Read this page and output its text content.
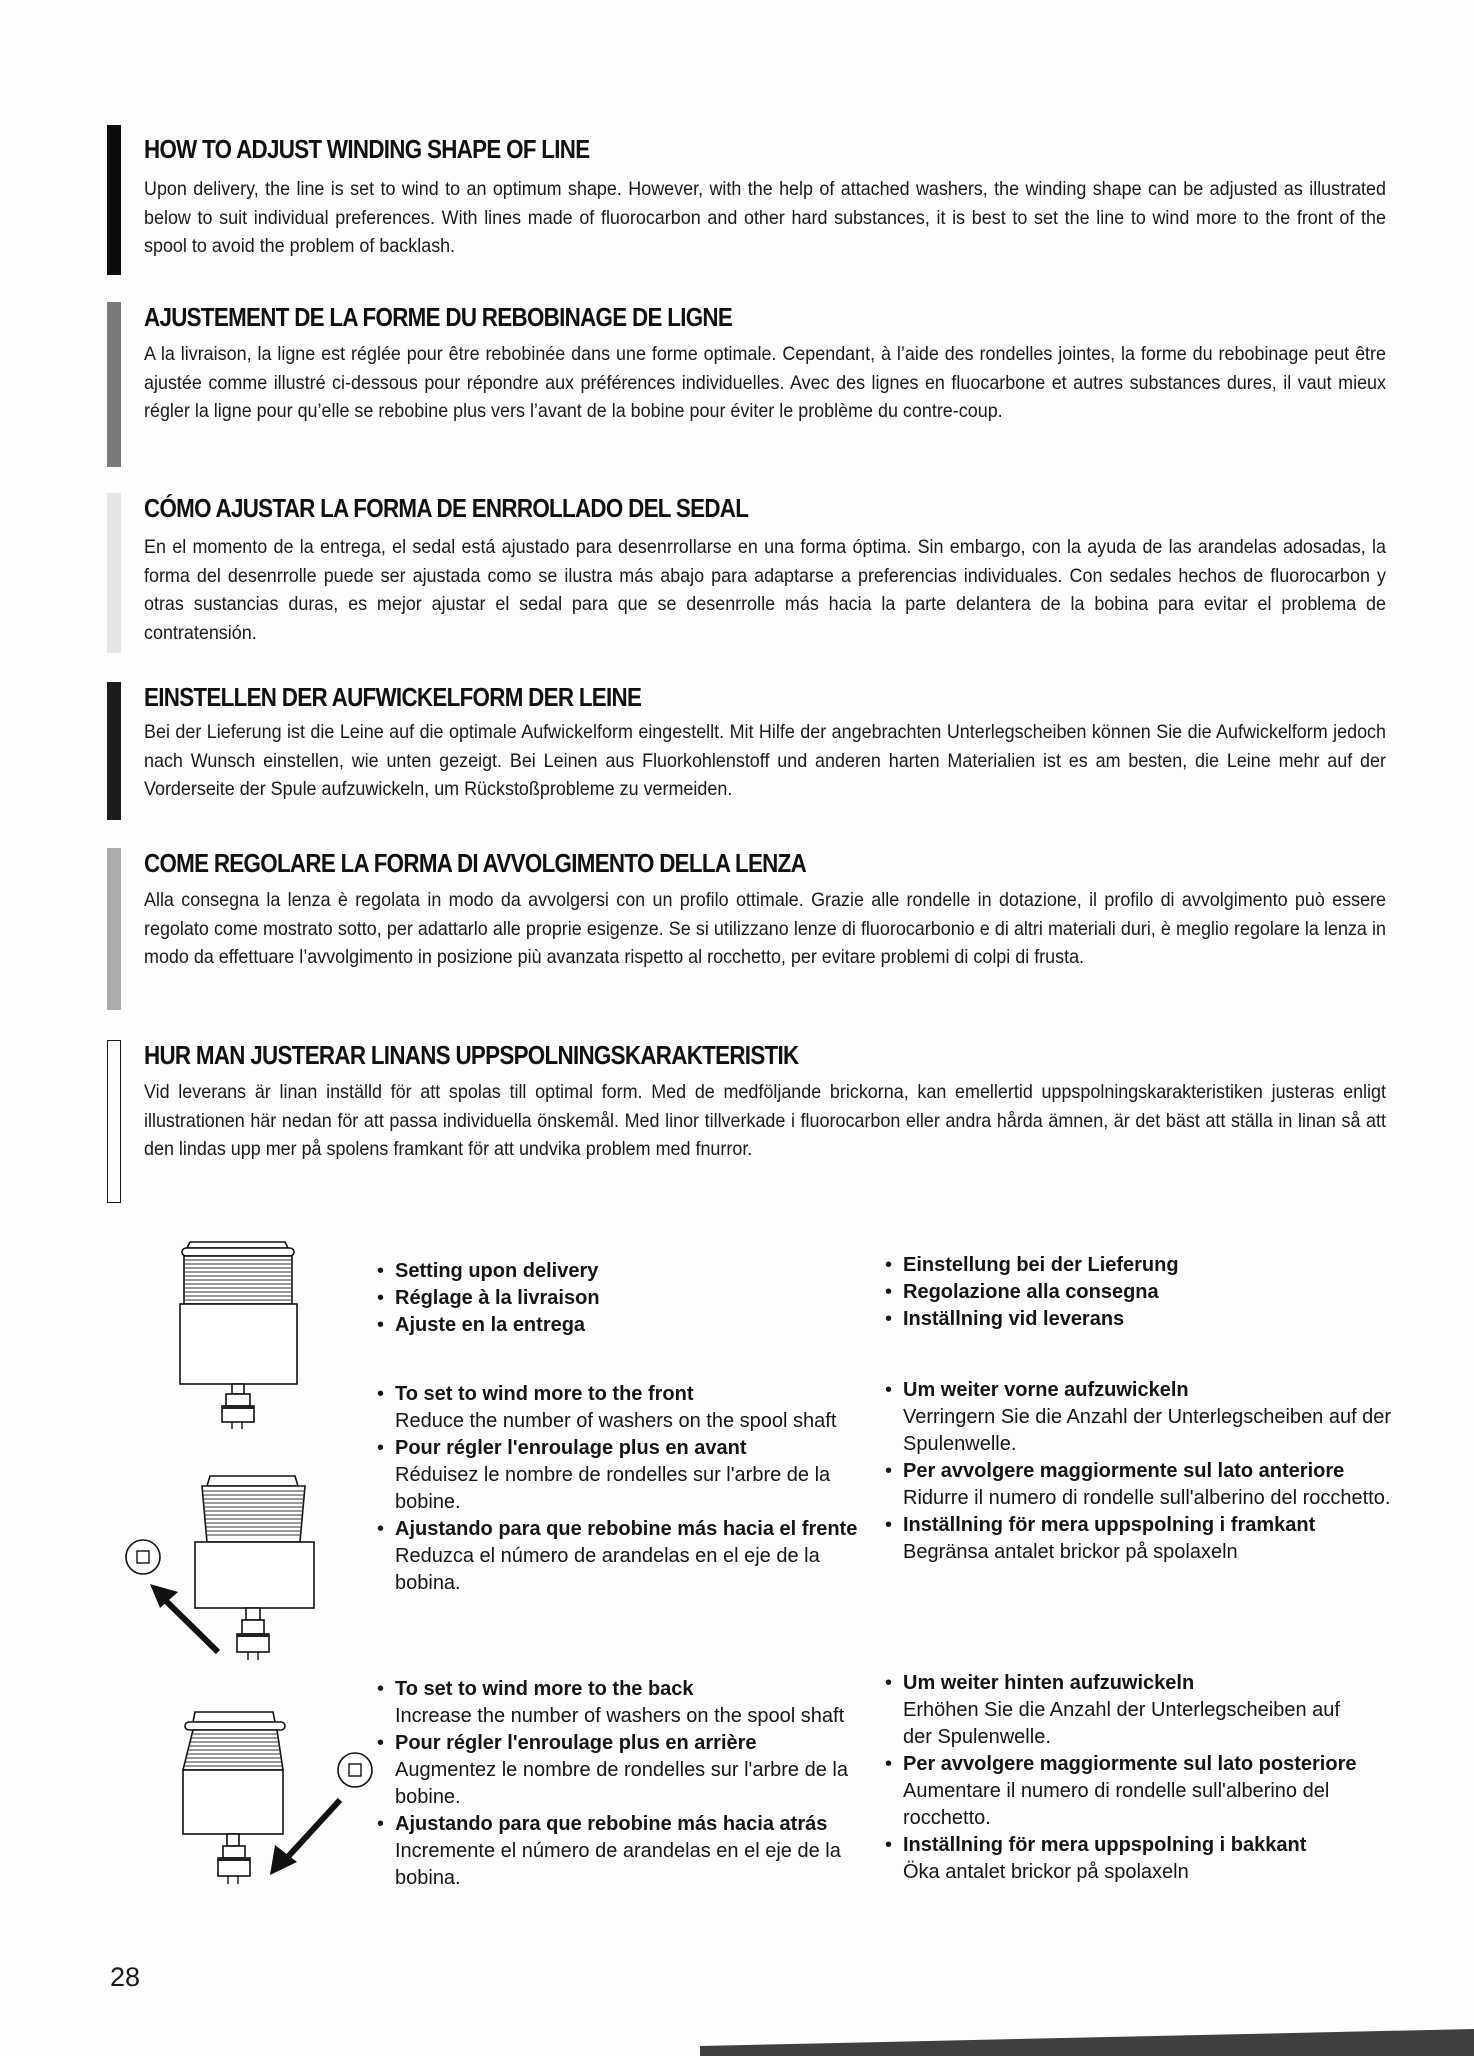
HOW TO ADJUST WINDING SHAPE OF LINE

Upon delivery, the line is set to wind to an optimum shape. However, with the help of attached washers, the winding shape can be adjusted as illustrated below to suit individual preferences. With lines made of fluorocarbon and other hard substances, it is best to set the line to wind more to the front of the spool to avoid the problem of backlash.

AJUSTEMENT DE LA FORME DU REBOBINAGE DE LIGNE

A la livraison, la ligne est réglée pour être rebobinée dans une forme optimale. Cependant, à l’aide des rondelles jointes, la forme du rebobinage peut être ajustée comme illustré ci-dessous pour répondre aux préférences individuelles. Avec des lignes en fluocarbone et autres substances dures, il vaut mieux régler la ligne pour qu’elle se rebobine plus vers l’avant de la bobine pour éviter le problème du contre-coup.

CÓMO AJUSTAR LA FORMA DE ENRROLLADO DEL SEDAL

En el momento de la entrega, el sedal está ajustado para desenrrollarse en una forma óptima. Sin embargo, con la ayuda de las arandelas adosadas, la forma del desenrrolle puede ser ajustada como se ilustra más abajo para adaptarse a preferencias individuales. Con sedales hechos de fluorocarbon y otras sustancias duras, es mejor ajustar el sedal para que se desenrrolle más hacia la parte delantera de la bobina para evitar el problema de contratensión.

EINSTELLEN DER AUFWICKELFORM DER LEINE

Bei der Lieferung ist die Leine auf die optimale Aufwickelform eingestellt. Mit Hilfe der angebrachten Unterlegscheiben können Sie die Aufwickelform jedoch nach Wunsch einstellen, wie unten gezeigt. Bei Leinen aus Fluorkohlenstoff und anderen harten Materialien ist es am besten, die Leine mehr auf der Vorderseite der Spule aufzuwickeln, um Rückstoßprobleme zu vermeiden.

COME REGOLARE LA FORMA DI AVVOLGIMENTO DELLA LENZA

Alla consegna la lenza è regolata in modo da avvolgersi con un profilo ottimale. Grazie alle rondelle in dotazione, il profilo di avvolgimento può essere regolato come mostrato sotto, per adattarlo alle proprie esigenze. Se si utilizzano lenze di fluorocarbonio e di altri materiali duri, è meglio regolare la lenza in modo da effettuare l’avvolgimento in posizione più avanzata rispetto al rocchetto, per evitare problemi di colpi di frusta.

HUR MAN JUSTERAR LINANS UPPSPOLNINGSKARAKTERISTIK

Vid leverans är linan inställd för att spolas till optimal form. Med de medföljande brickorna, kan emellertid uppspolningskarakteristiken justeras enligt illustrationen här nedan för att passa individuella önskemål. Med linor tillverkade i fluorocarbon eller andra hårda ämnen, är det bäst att ställa in linan så att den lindas upp mer på spolens framkant för att undvika problem med fnurror.

• Setting upon delivery
• Réglage à la livraison
• Ajuste en la entrega
• Einstellung bei der Lieferung
• Regolazione alla consegna
• Inställning vid leverans
• To set to wind more to the front
Reduce the number of washers on the spool shaft
• Pour régler l'enroulage plus en avant
Réduisez le nombre de rondelles sur l'arbre de la bobine.
• Ajustando para que rebobine más hacia el frente
Reduzca el número de arandelas en el eje de la bobina.
• Um weiter vorne aufzuwickeln
Verringern Sie die Anzahl der Unterlegscheiben auf der Spulenwelle.
• Per avvolgere maggiormente sul lato anteriore
Ridurre il numero di rondelle sull'alberino del rocchetto.
• Inställning för mera uppspolning i framkant
Begränsa antalet brickor på spolaxeln
• To set to wind more to the back
Increase the number of washers on the spool shaft
• Pour régler l'enroulage plus en arrière
Augmentez le nombre de rondelles sur l'arbre de la bobine.
• Ajustando para que rebobine más hacia atrás
Incremente el número de arandelas en el eje de la bobina.
• Um weiter hinten aufzuwickeln
Erhöhen Sie die Anzahl der Unterlegscheiben auf der Spulenwelle.
• Per avvolgere maggiormente sul lato posteriore
Aumentare il numero di rondelle sull'alberino del rocchetto.
• Inställning för mera uppspolning i bakkant
Öka antalet brickor på spolaxeln
28
